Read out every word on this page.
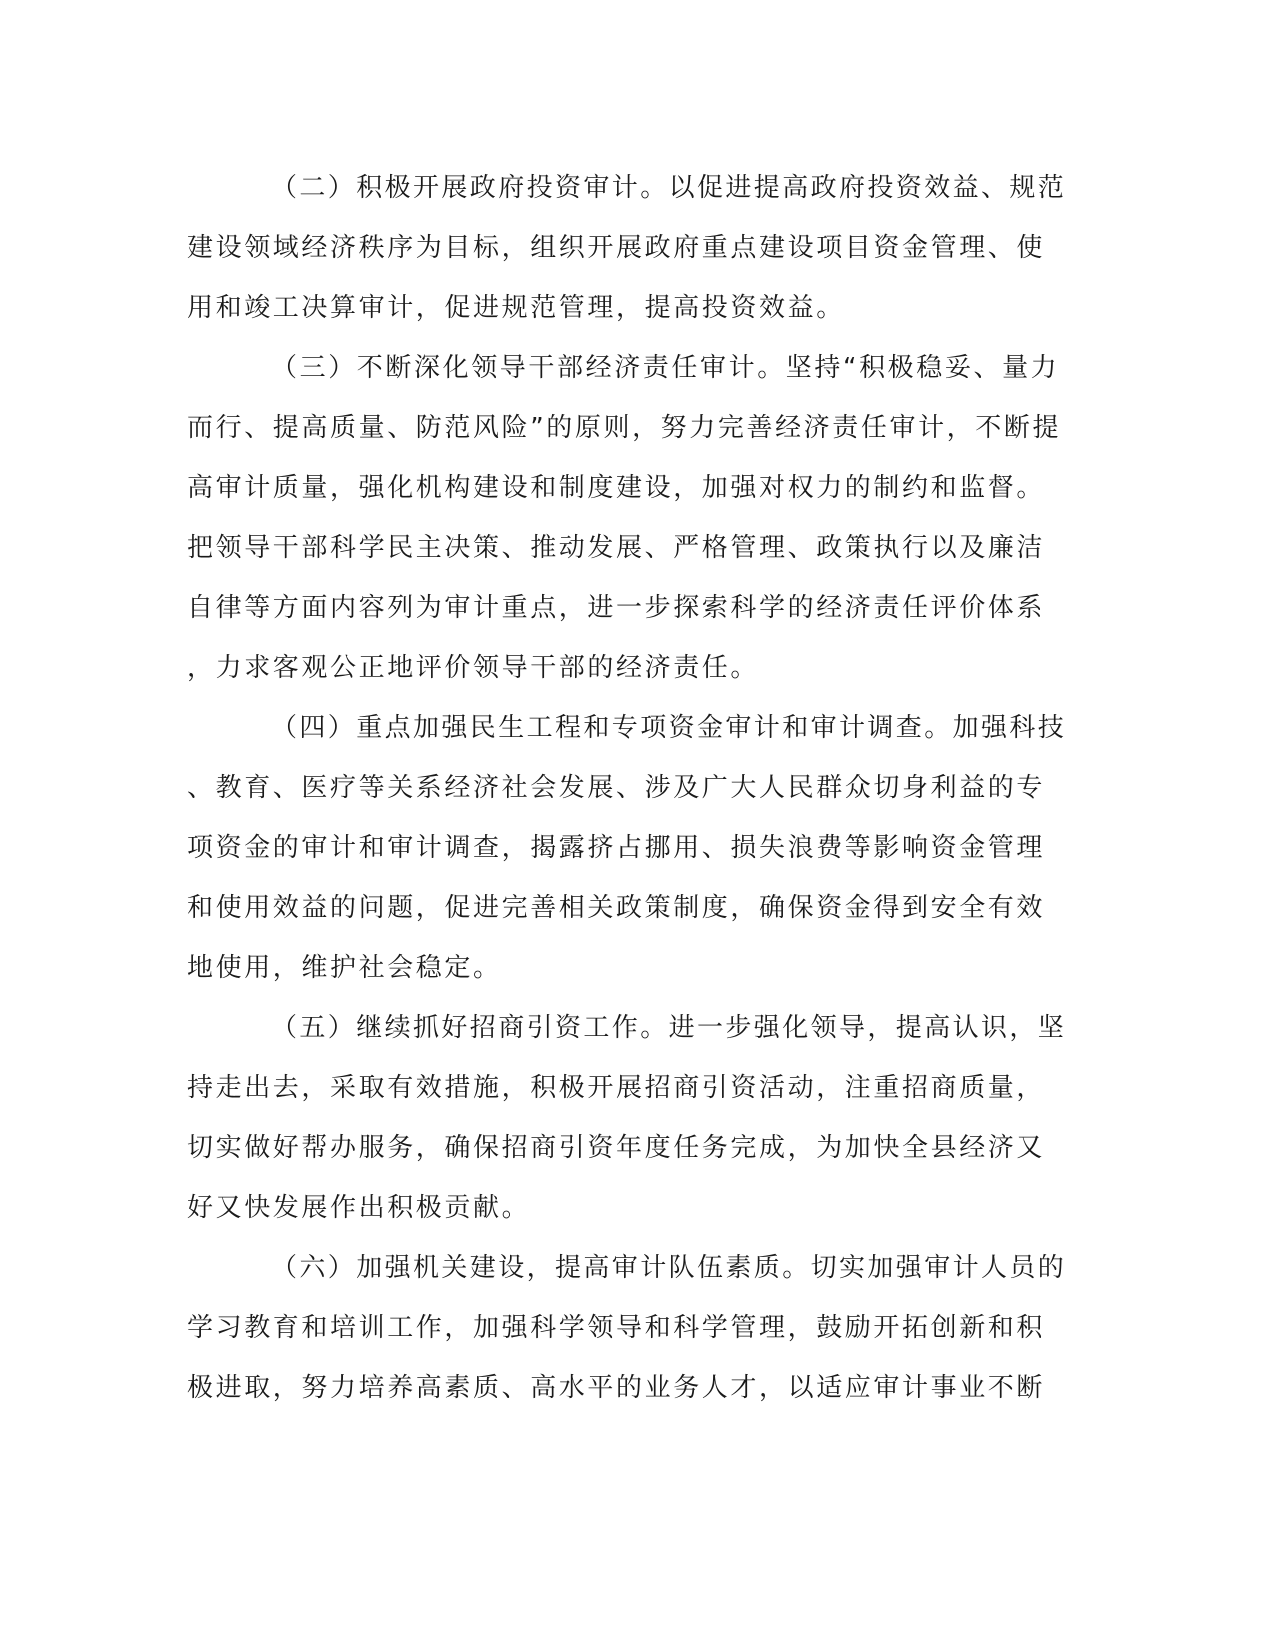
（二）积极开展政府投资审计。以促进提高政府投资效益、规范
建设领域经济秩序为目标，组织开展政府重点建设项目资金管理、使
用和竣工决算审计，促进规范管理，提高投资效益。

（三）不断深化领导干部经济责任审计。坚持“积极稳妥、量力
而行、提高质量、防范风险”的原则，努力完善经济责任审计，不断提
高审计质量，强化机构建设和制度建设，加强对权力的制约和监督。
把领导干部科学民主决策、推动发展、严格管理、政策执行以及廉洁
自律等方面内容列为审计重点，进一步探索科学的经济责任评价体系
，力求客观公正地评价领导干部的经济责任。

（四）重点加强民生工程和专项资金审计和审计调查。加强科技
、教育、医疗等关系经济社会发展、涉及广大人民群众切身利益的专
项资金的审计和审计调查，揭露挤占挪用、损失浪费等影响资金管理
和使用效益的问题，促进完善相关政策制度，确保资金得到安全有效
地使用，维护社会稳定。

（五）继续抓好招商引资工作。进一步强化领导，提高认识，坚
持走出去，采取有效措施，积极开展招商引资活动，注重招商质量，
切实做好帮办服务，确保招商引资年度任务完成，为加快全县经济又
好又快发展作出积极贡献。

（六）加强机关建设，提高审计队伍素质。切实加强审计人员的
学习教育和培训工作，加强科学领导和科学管理，鼓励开拓创新和积
极进取，努力培养高素质、高水平的业务人才，以适应审计事业不断
